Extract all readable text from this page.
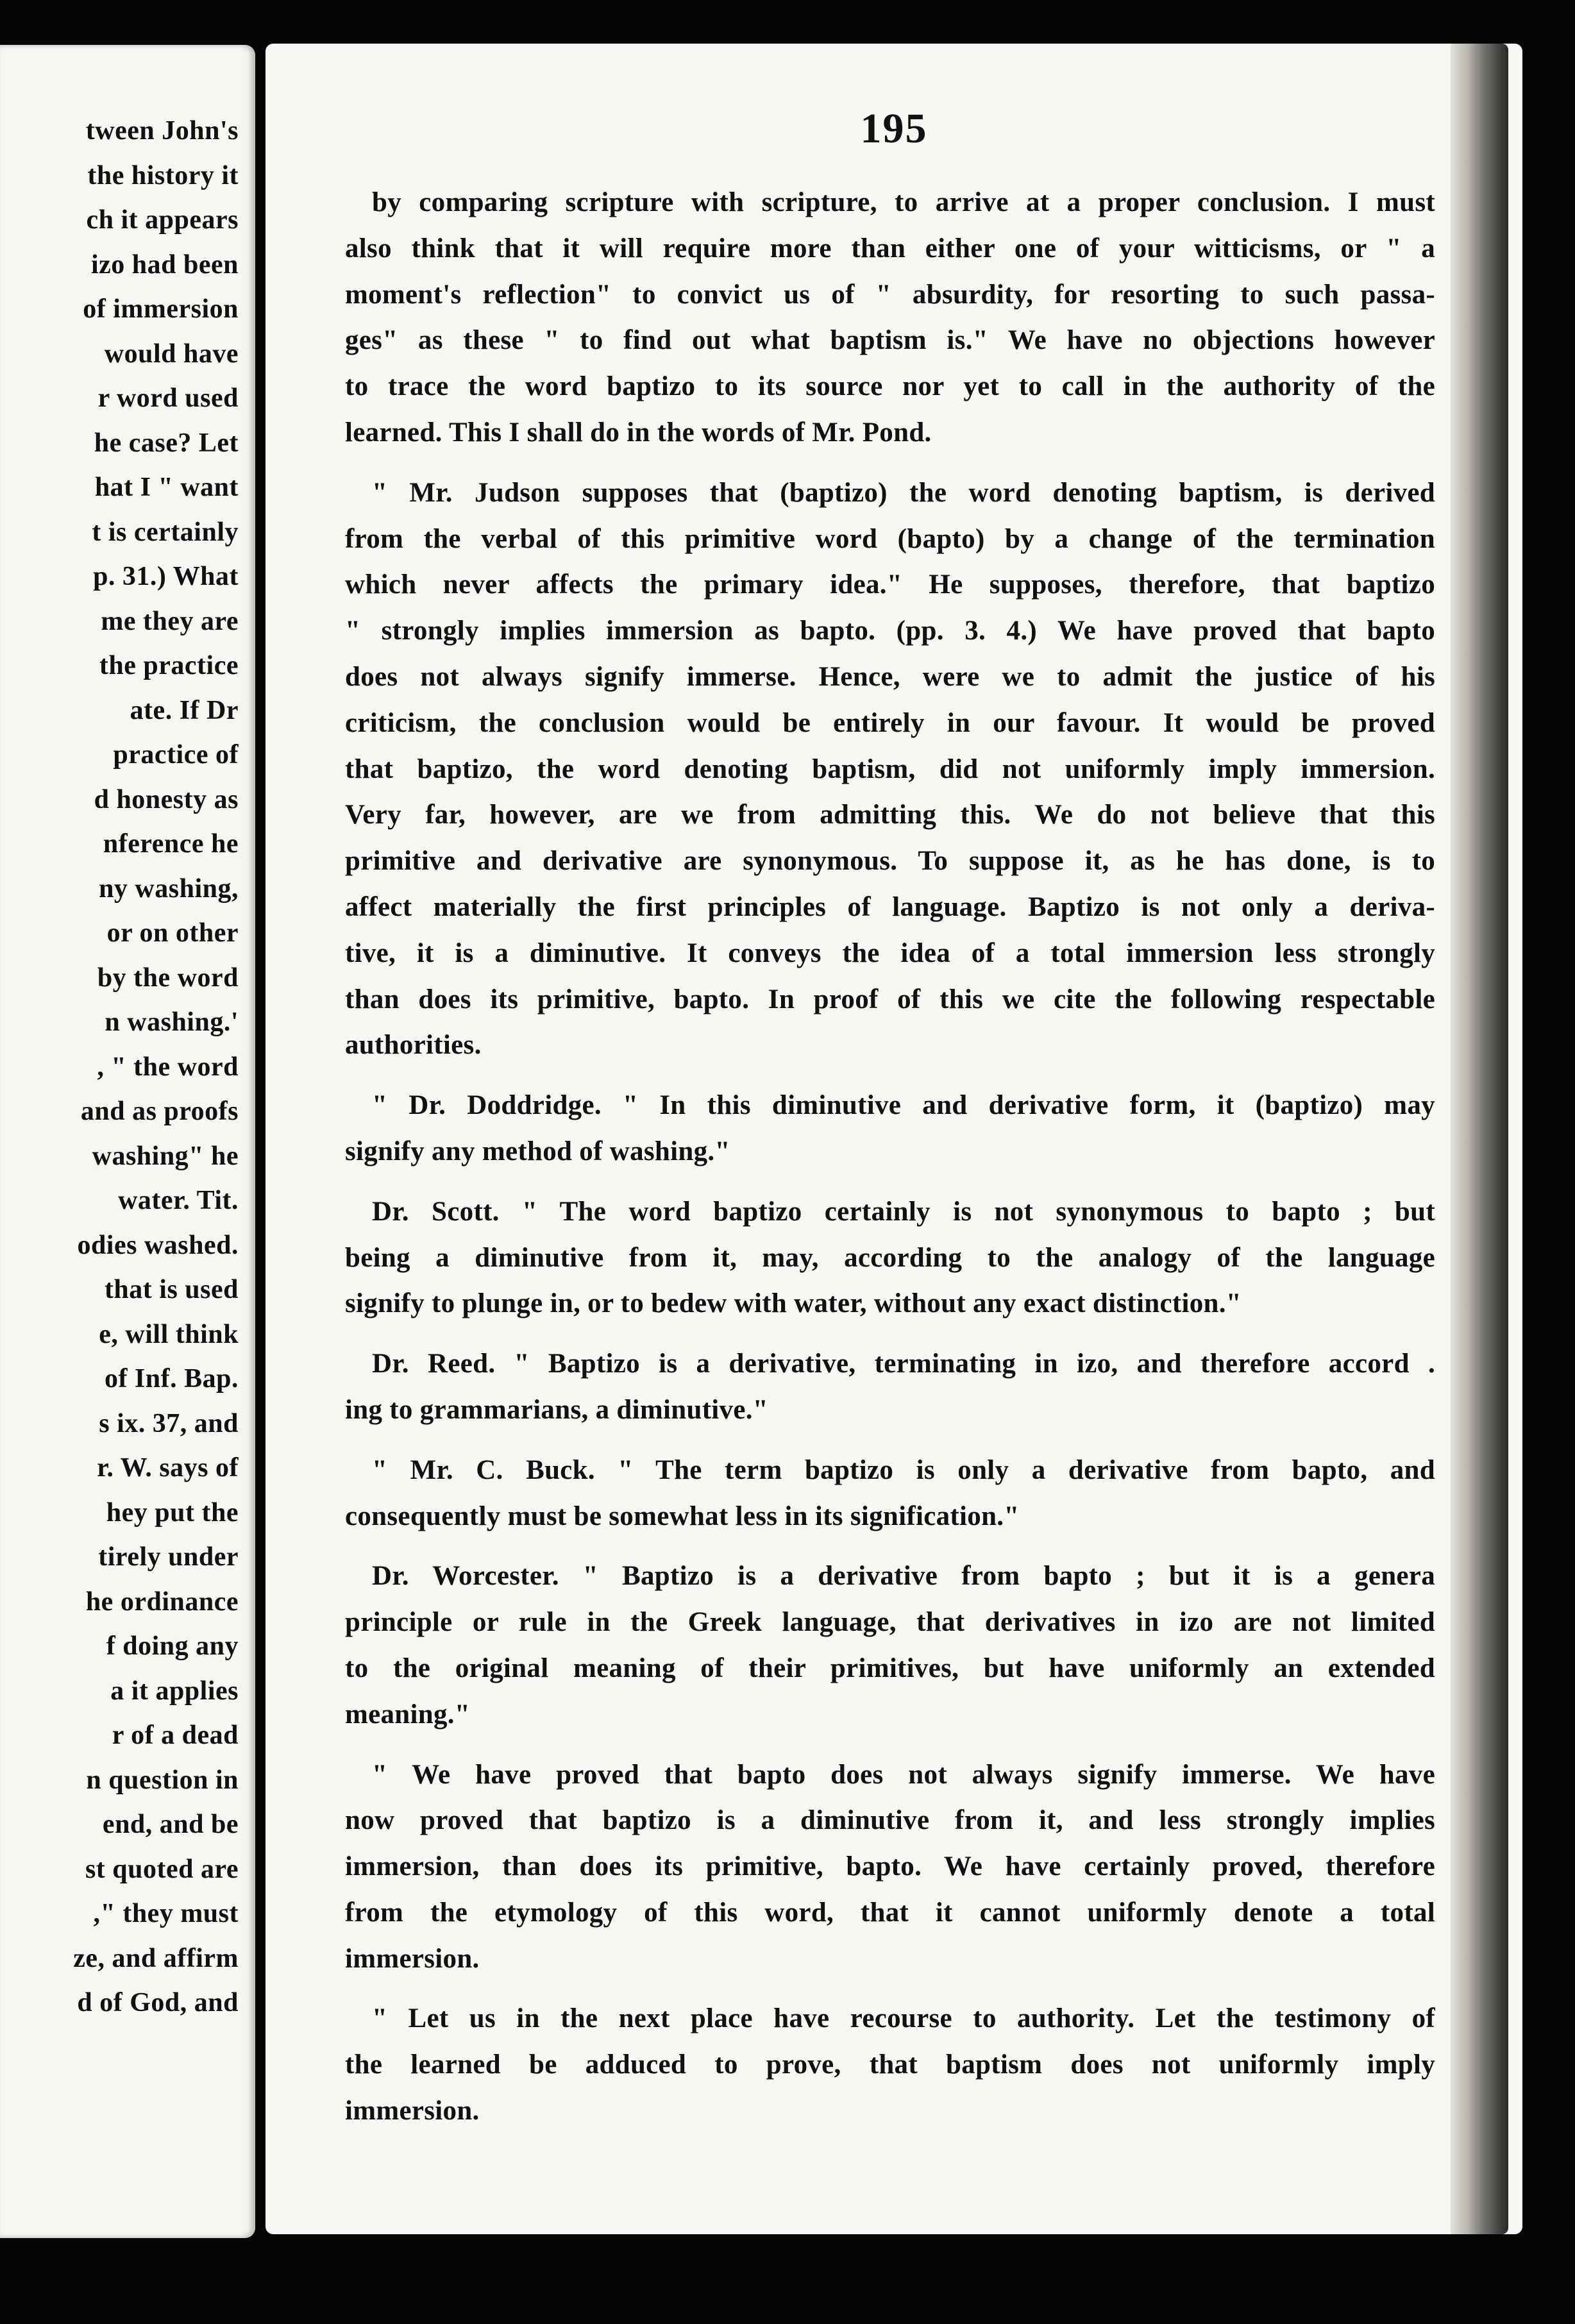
tween John's
the history it
ch it appears
izo had been
of immersion
would have
r word used
he case? Let
hat I " want
t is certainly
p. 31.) What
me they are
the practice
ate. If Dr
practice of
d honesty as
nference he
ny washing,
or on other
by the word
n washing.'
, " the word
and as proofs
washing" he
water. Tit.
odies washed.
that is used
e, will think
of Inf. Bap.
s ix. 37, and
r. W. says of
hey put the
tirely under
he ordinance
f doing any
a it applies
r of a dead
n question in
end, and be
st quoted are
," they must
ze, and affirm
d of God, and
195
by comparing scripture with scripture, to arrive at a proper conclusion. I must
also think that it will require more than either one of your witticisms, or " a
moment's reflection" to convict us of " absurdity, for resorting to such passa-
ges" as these " to find out what baptism is." We have no objections however
to trace the word baptizo to its source nor yet to call in the authority of the
learned. This I shall do in the words of Mr. Pond.
" Mr. Judson supposes that (baptizo) the word denoting baptism, is derived
from the verbal of this primitive word (bapto) by a change of the termination
which never affects the primary idea." He supposes, therefore, that baptizo
" strongly implies immersion as bapto. (pp. 3. 4.) We have proved that bapto
does not always signify immerse. Hence, were we to admit the justice of his
criticism, the conclusion would be entirely in our favour. It would be proved
that baptizo, the word denoting baptism, did not uniformly imply immersion.
Very far, however, are we from admitting this. We do not believe that this
primitive and derivative are synonymous. To suppose it, as he has done, is to
affect materially the first principles of language. Baptizo is not only a deriva-
tive, it is a diminutive. It conveys the idea of a total immersion less strongly
than does its primitive, bapto. In proof of this we cite the following respectable
authorities.
" Dr. Doddridge. " In this diminutive and derivative form, it (baptizo) may
signify any method of washing."
Dr. Scott. " The word baptizo certainly is not synonymous to bapto ; but
being a diminutive from it, may, according to the analogy of the language
signify to plunge in, or to bedew with water, without any exact distinction."
Dr. Reed. " Baptizo is a derivative, terminating in izo, and therefore accord .
ing to grammarians, a diminutive."
" Mr. C. Buck. " The term baptizo is only a derivative from bapto, and
consequently must be somewhat less in its signification."
Dr. Worcester. " Baptizo is a derivative from bapto ; but it is a genera
principle or rule in the Greek language, that derivatives in izo are not limited
to the original meaning of their primitives, but have uniformly an extended
meaning."
" We have proved that bapto does not always signify immerse. We have
now proved that baptizo is a diminutive from it, and less strongly implies
immersion, than does its primitive, bapto. We have certainly proved, therefore
from the etymology of this word, that it cannot uniformly denote a total
immersion.
" Let us in the next place have recourse to authority. Let the testimony of
the learned be adduced to prove, that baptism does not uniformly imply
immersion.
